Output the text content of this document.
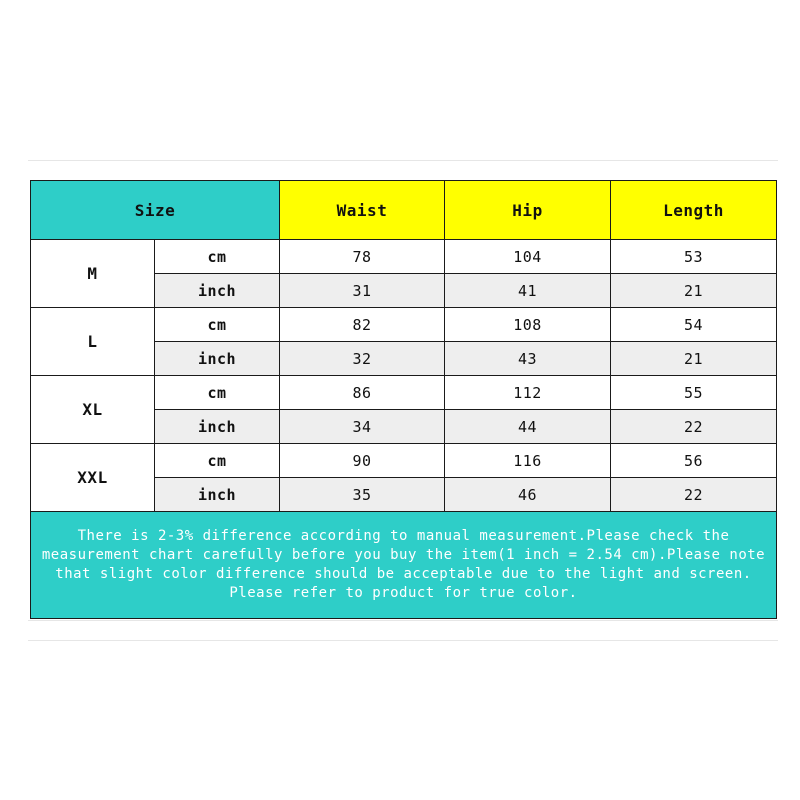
Size		Waist	Hip	Length
M	cm	78	104	53
	inch	31	41	21
L	cm	82	108	54
	inch	32	43	21
XL	cm	86	112	55
	inch	34	44	22
XXL	cm	90	116	56
	inch	35	46	22

There is 2-3% difference according to manual measurement.Please check the
measurement chart carefully before you buy the item(1 inch = 2.54 cm).Please note
that slight color difference should be acceptable due to the light and screen.
Please refer to product for true color.				
